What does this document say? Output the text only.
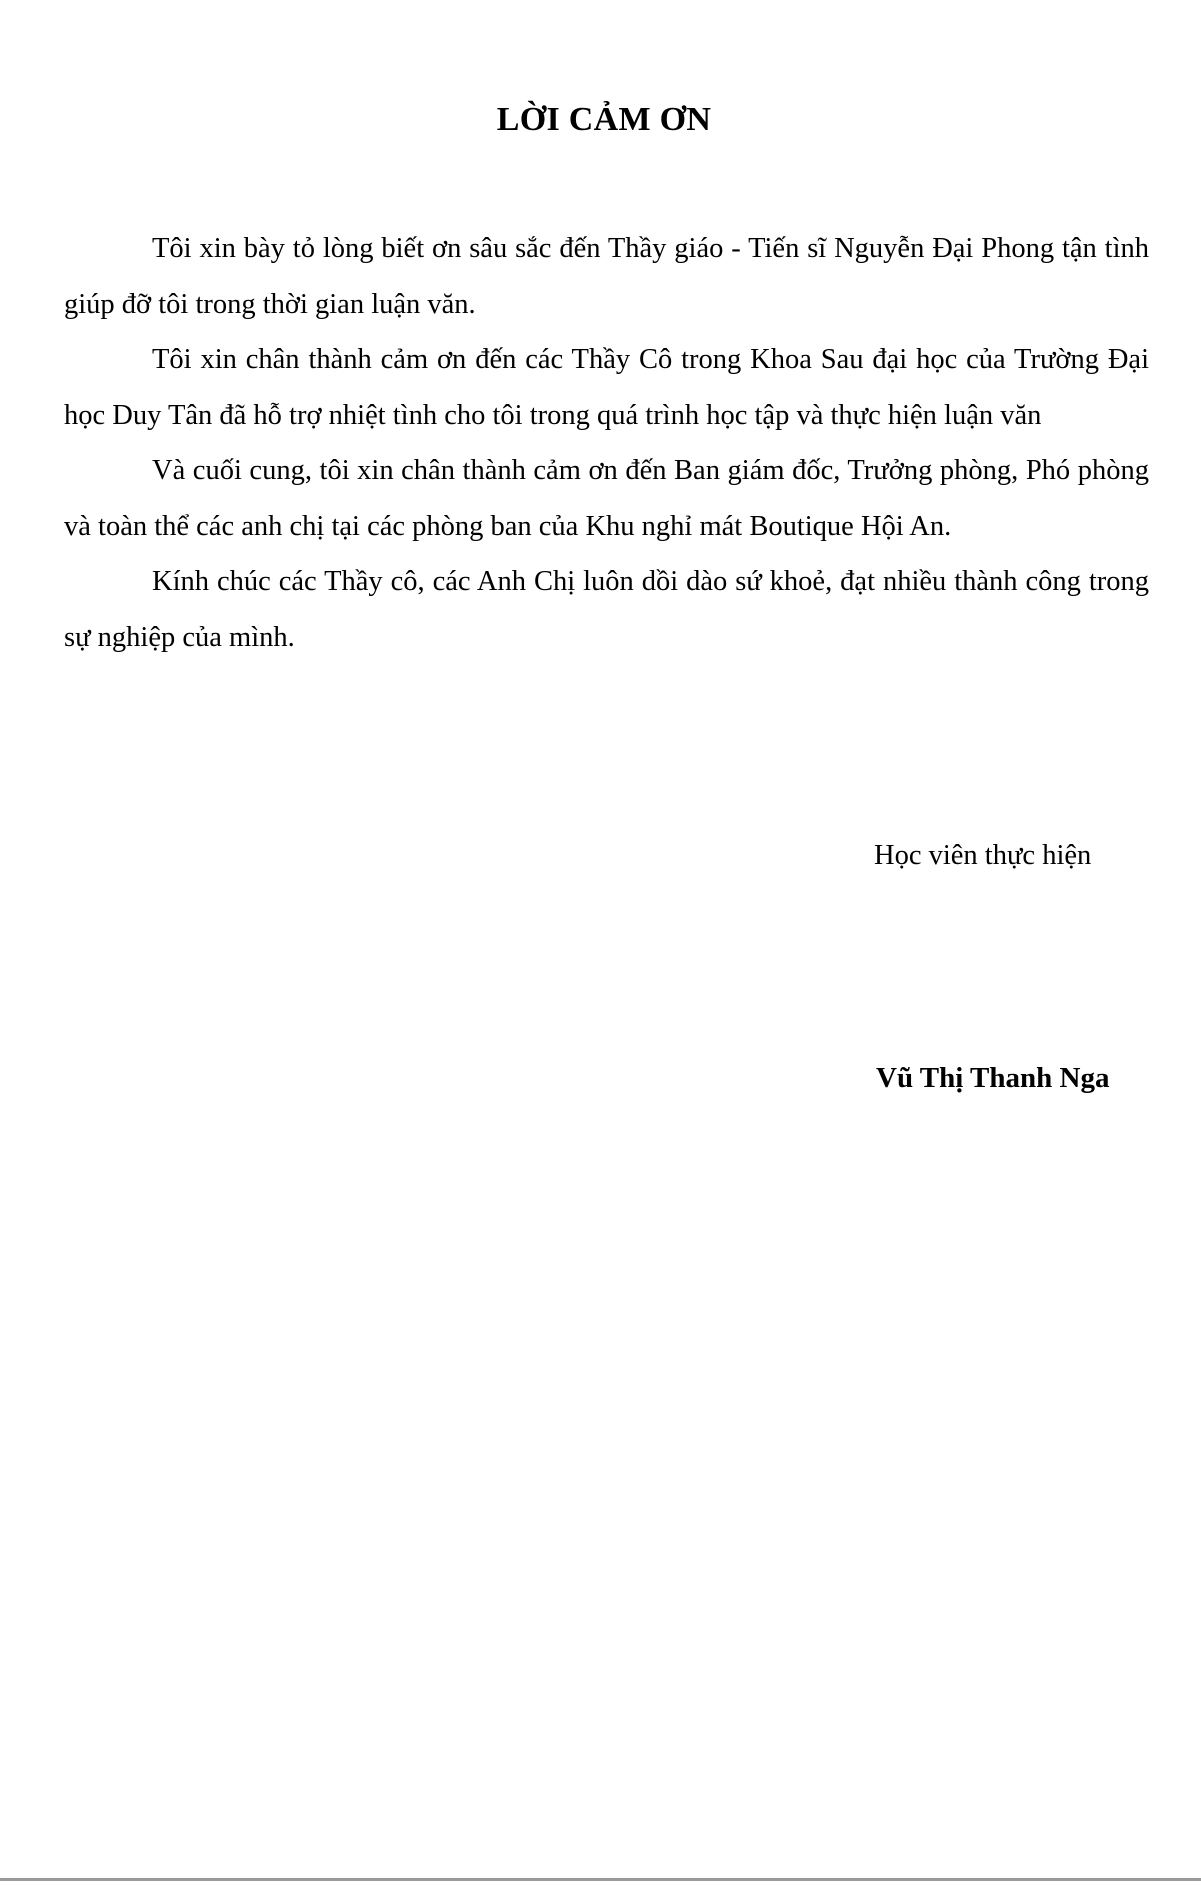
LỜI CẢM ƠN

Tôi xin bày tỏ lòng biết ơn sâu sắc đến Thầy giáo - Tiến sĩ Nguyễn Đại Phong tận tình giúp đỡ tôi trong thời gian luận văn.

Tôi xin chân thành cảm ơn đến các Thầy Cô trong Khoa Sau đại học của Trường Đại học Duy Tân đã hỗ trợ nhiệt tình cho tôi trong quá trình học tập và thực hiện luận văn

Và cuối cung, tôi xin chân thành cảm ơn đến Ban giám đốc, Trưởng phòng, Phó phòng và toàn thể các anh chị tại các phòng ban của Khu nghỉ mát Boutique Hội An.

Kính chúc các Thầy cô, các Anh Chị luôn dồi dào sứ khoẻ, đạt nhiều thành công trong sự nghiệp của mình.

Học viên thực hiện
Vũ Thị Thanh Nga
